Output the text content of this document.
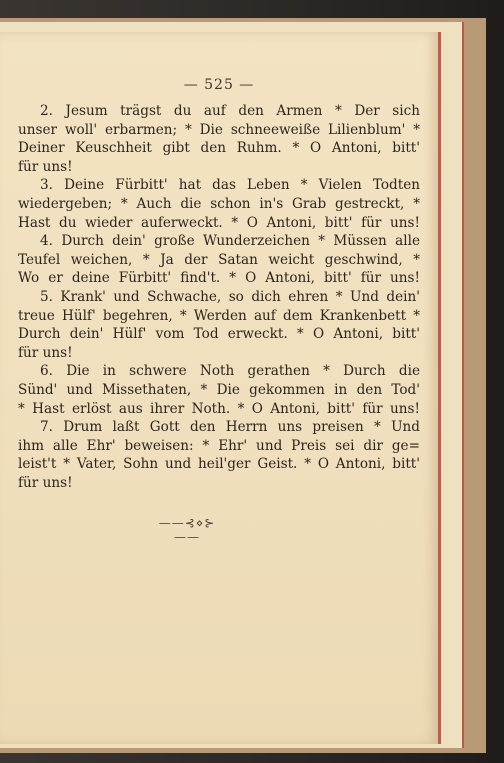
— 525 —
2. Jesum trägst du auf den Armen * Der sich
unser woll' erbarmen; * Die schneeweiße Lilienblum' *
Deiner Keuschheit gibt den Ruhm. * O Antoni, bitt'
für uns!
3. Deine Fürbitt' hat das Leben * Vielen Todten
wiedergeben; * Auch die schon in's Grab gestreckt, *
Hast du wieder auferweckt. * O Antoni, bitt' für uns!
4. Durch dein' große Wunderzeichen * Müssen alle
Teufel weichen, * Ja der Satan weicht geschwind, *
Wo er deine Fürbitt' find't. * O Antoni, bitt' für uns!
5. Krank' und Schwache, so dich ehren * Und dein'
treue Hülf' begehren, * Werden auf dem Krankenbett *
Durch dein' Hülf' vom Tod erweckt. * O Antoni, bitt'
für uns!
6. Die in schwere Noth gerathen * Durch die
Sünd' und Missethaten, * Die gekommen in den Tod'
* Hast erlöst aus ihrer Noth. * O Antoni, bitt' für uns!
7. Drum laßt Gott den Herrn uns preisen * Und
ihm alle Ehr' beweisen: * Ehr' und Preis sei dir ge=
leist't * Vater, Sohn und heil'ger Geist. * O Antoni, bitt'
für uns!
——⊰⋄⊱——
